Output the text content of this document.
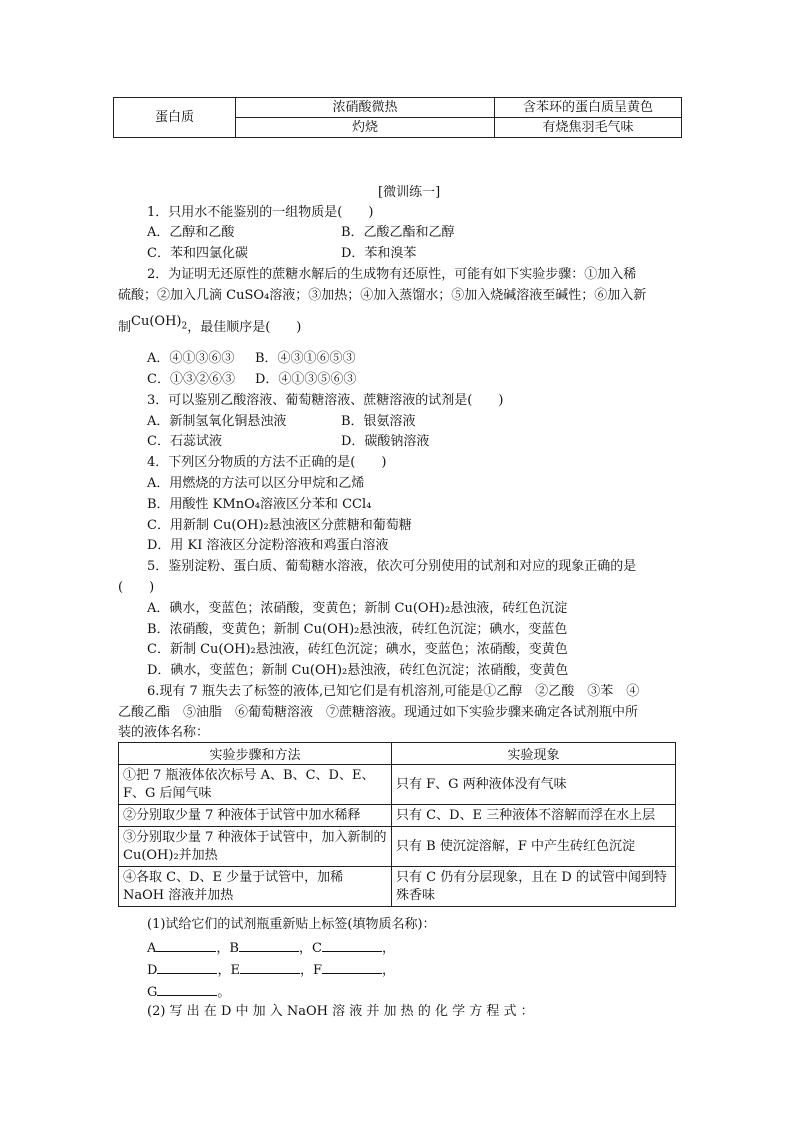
蛋白质	浓硝酸微热	含苯环的蛋白质呈黄色
	灼烧	有烧焦羽毛气味
[微训练一]
1．只用水不能鉴别的一组物质是(　　)
A．乙醇和乙酸	B．乙酸乙酯和乙醇
C．苯和四氯化碳	D．苯和溴苯
2．为证明无还原性的蔗糖水解后的生成物有还原性，可能有如下实验步骤：①加入稀
硫酸；②加入几滴 CuSO₄溶液；③加热；④加入蒸馏水；⑤加入烧碱溶液至碱性；⑥加入新
制$Cu(OH)_2$，最佳顺序是(　　)
A．④①③⑥③ B．④③①⑥⑤③
C．①③②⑥③ D．④①③⑤⑥③
3．可以鉴别乙酸溶液、葡萄糖溶液、蔗糖溶液的试剂是(　　)
A．新制氢氧化铜悬浊液	B．银氨溶液
C．石蕊试液	D．碳酸钠溶液
4．下列区分物质的方法不正确的是(　　)
A．用燃烧的方法可以区分甲烷和乙烯
B．用酸性 KMnO₄溶液区分苯和 CCl₄
C．用新制 Cu(OH)₂悬浊液区分蔗糖和葡萄糖
D．用 KI 溶液区分淀粉溶液和鸡蛋白溶液
5．鉴别淀粉、蛋白质、葡萄糖水溶液，依次可分别使用的试剂和对应的现象正确的是
(　　)
A．碘水，变蓝色；浓硝酸，变黄色；新制 Cu(OH)₂悬浊液，砖红色沉淀
B．浓硝酸，变黄色；新制 Cu(OH)₂悬浊液，砖红色沉淀；碘水，变蓝色
C．新制 Cu(OH)₂悬浊液，砖红色沉淀；碘水，变蓝色；浓硝酸，变黄色
D．碘水，变蓝色；新制 Cu(OH)₂悬浊液，砖红色沉淀；浓硝酸，变黄色
6.现有 7 瓶失去了标签的液体,已知它们是有机溶剂,可能是①乙醇　②乙酸　③苯　④
乙酸乙酯　⑤油脂　⑥葡萄糖溶液　⑦蔗糖溶液。现通过如下实验步骤来确定各试剂瓶中所
装的液体名称：
实验步骤和方法	实验现象
①把 7 瓶液体依次标号 A、B、C、D、E、F、G 后闻气味	只有 F、G 两种液体没有气味
②分别取少量 7 种液体于试管中加水稀释	只有 C、D、E 三种液体不溶解而浮在水上层
③分别取少量 7 种液体于试管中，加入新制的 Cu(OH)₂并加热	只有 B 使沉淀溶解，F 中产生砖红色沉淀
④各取 C、D、E 少量于试管中，加稀 NaOH 溶液并加热	只有 C 仍有分层现象，且在 D 的试管中闻到特殊香味
(1)试给它们的试剂瓶重新贴上标签(填物质名称)：
A	，B	，C	，
D	，E	，F	，
G	。
(2) 写 出 在 D 中 加 入 NaOH 溶 液 并 加 热 的 化 学 方 程 式 ：
